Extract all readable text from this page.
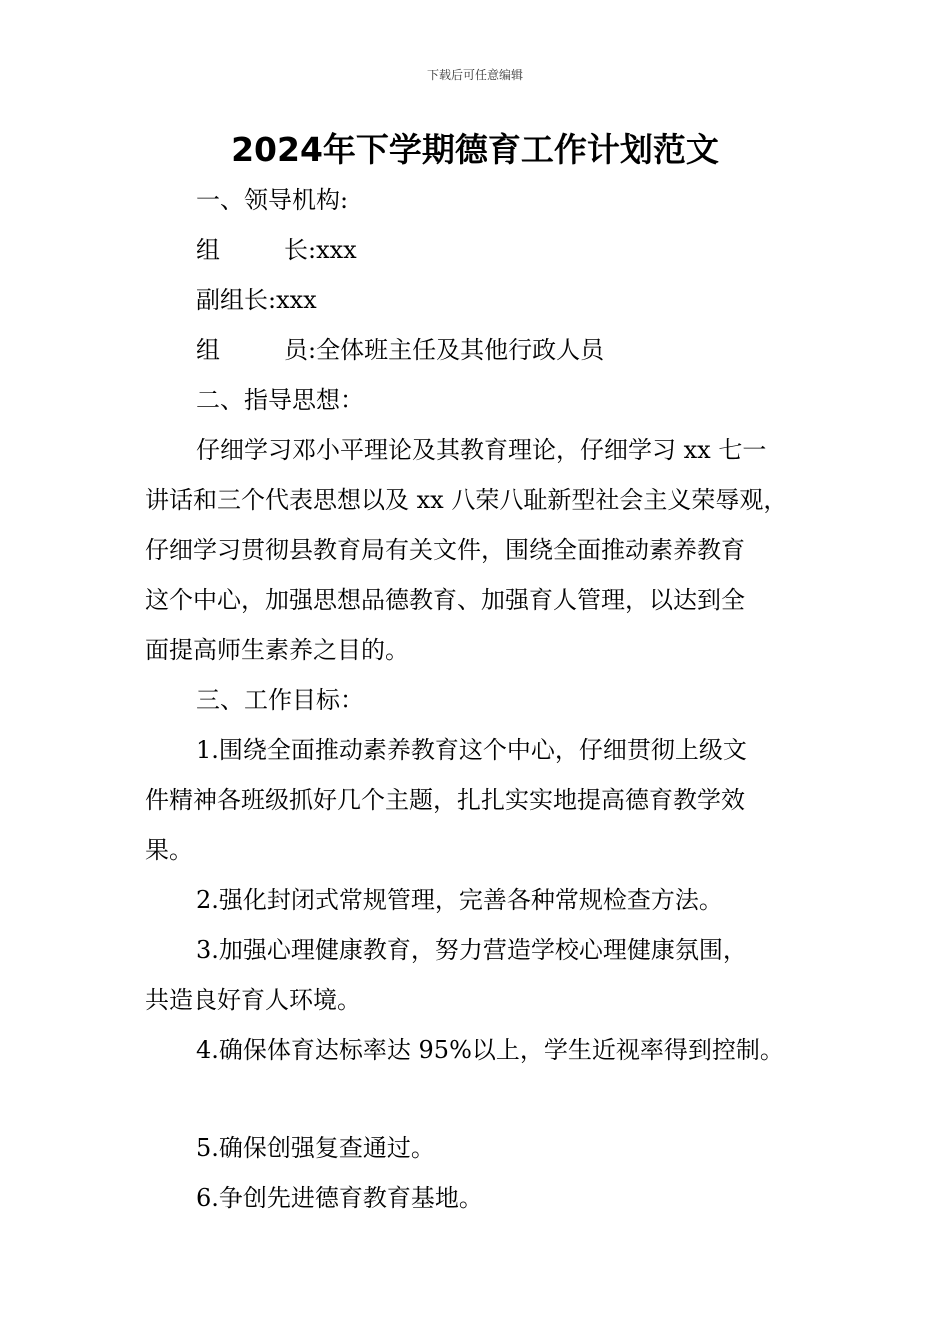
下载后可任意编辑
2024年下学期德育工作计划范文
一、领导机构:
组	长:xxx
副组长:xxx
组	员:全体班主任及其他行政人员
二、指导思想：
仔细学习邓小平理论及其教育理论，仔细学习 xx 七一
讲话和三个代表思想以及 xx 八荣八耻新型社会主义荣辱观，
仔细学习贯彻县教育局有关文件，围绕全面推动素养教育
这个中心，加强思想品德教育、加强育人管理，以达到全
面提高师生素养之目的。
三、工作目标：
1.围绕全面推动素养教育这个中心，仔细贯彻上级文
件精神各班级抓好几个主题，扎扎实实地提高德育教学效
果。
2.强化封闭式常规管理，完善各种常规检查方法。
3.加强心理健康教育，努力营造学校心理健康氛围，
共造良好育人环境。
4.确保体育达标率达 95%以上，学生近视率得到控制。
5.确保创强复查通过。
6.争创先进德育教育基地。
